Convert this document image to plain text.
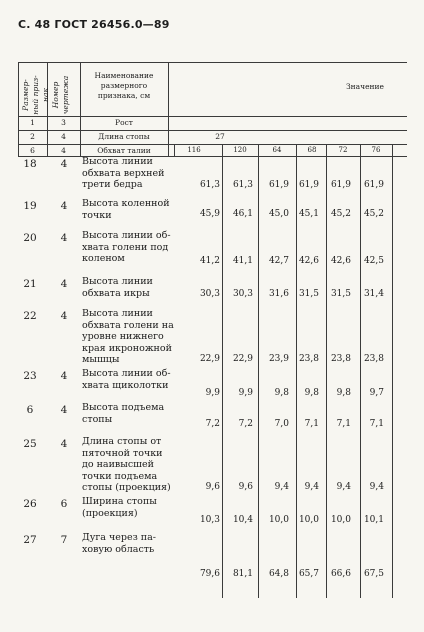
С. 48 ГОСТ 26456.0—89
Размер-
ный приз-
нак Номер
чертежа
Наименование
размерного
признака, см
Значение
1	3	Рост
2	4	Длина стопы	27
6	4	Обхват талии	116	120	64	68	72	76
18	4	Высота линии
обхвата верхней
трети бедра	61,3	61,3	61,9	61,9	61,9	61,9
19	4	Высота коленной
точки	45,9	46,1	45,0	45,1	45,2	45,2
20	4	Высота линии об-
хвата голени под
коленом	41,2	41,1	42,7	42,6	42,6	42,5
21	4	Высота линии
обхвата икры	30,3	30,3	31,6	31,5	31,5	31,4
22	4	Высота линии
обхвата голени на
уровне нижнего
края икроножной
мышцы	22,9	22,9	23,9	23,8	23,8	23,8
23	4	Высота линии об-
хвата щиколотки
9,9	9,9	9,8	9,8	9,8	9,7
6	4	Высота подъема
стопы	7,2	7,2	7,0	7,1	7,1	7,1
25	4	Длина стопы от
пяточной точки
до наивысшей
точки подъема
стопы (проекция)	9,6	9,6	9,4	9,4	9,4	9,4
26	6	Ширина стопы
(проекция)
10,3	10,4	10,0	10,0	10,0	10,1
27	7	Дуга через па-
ховую область
79,6	81,1	64,8	65,7	66,6	67,5
